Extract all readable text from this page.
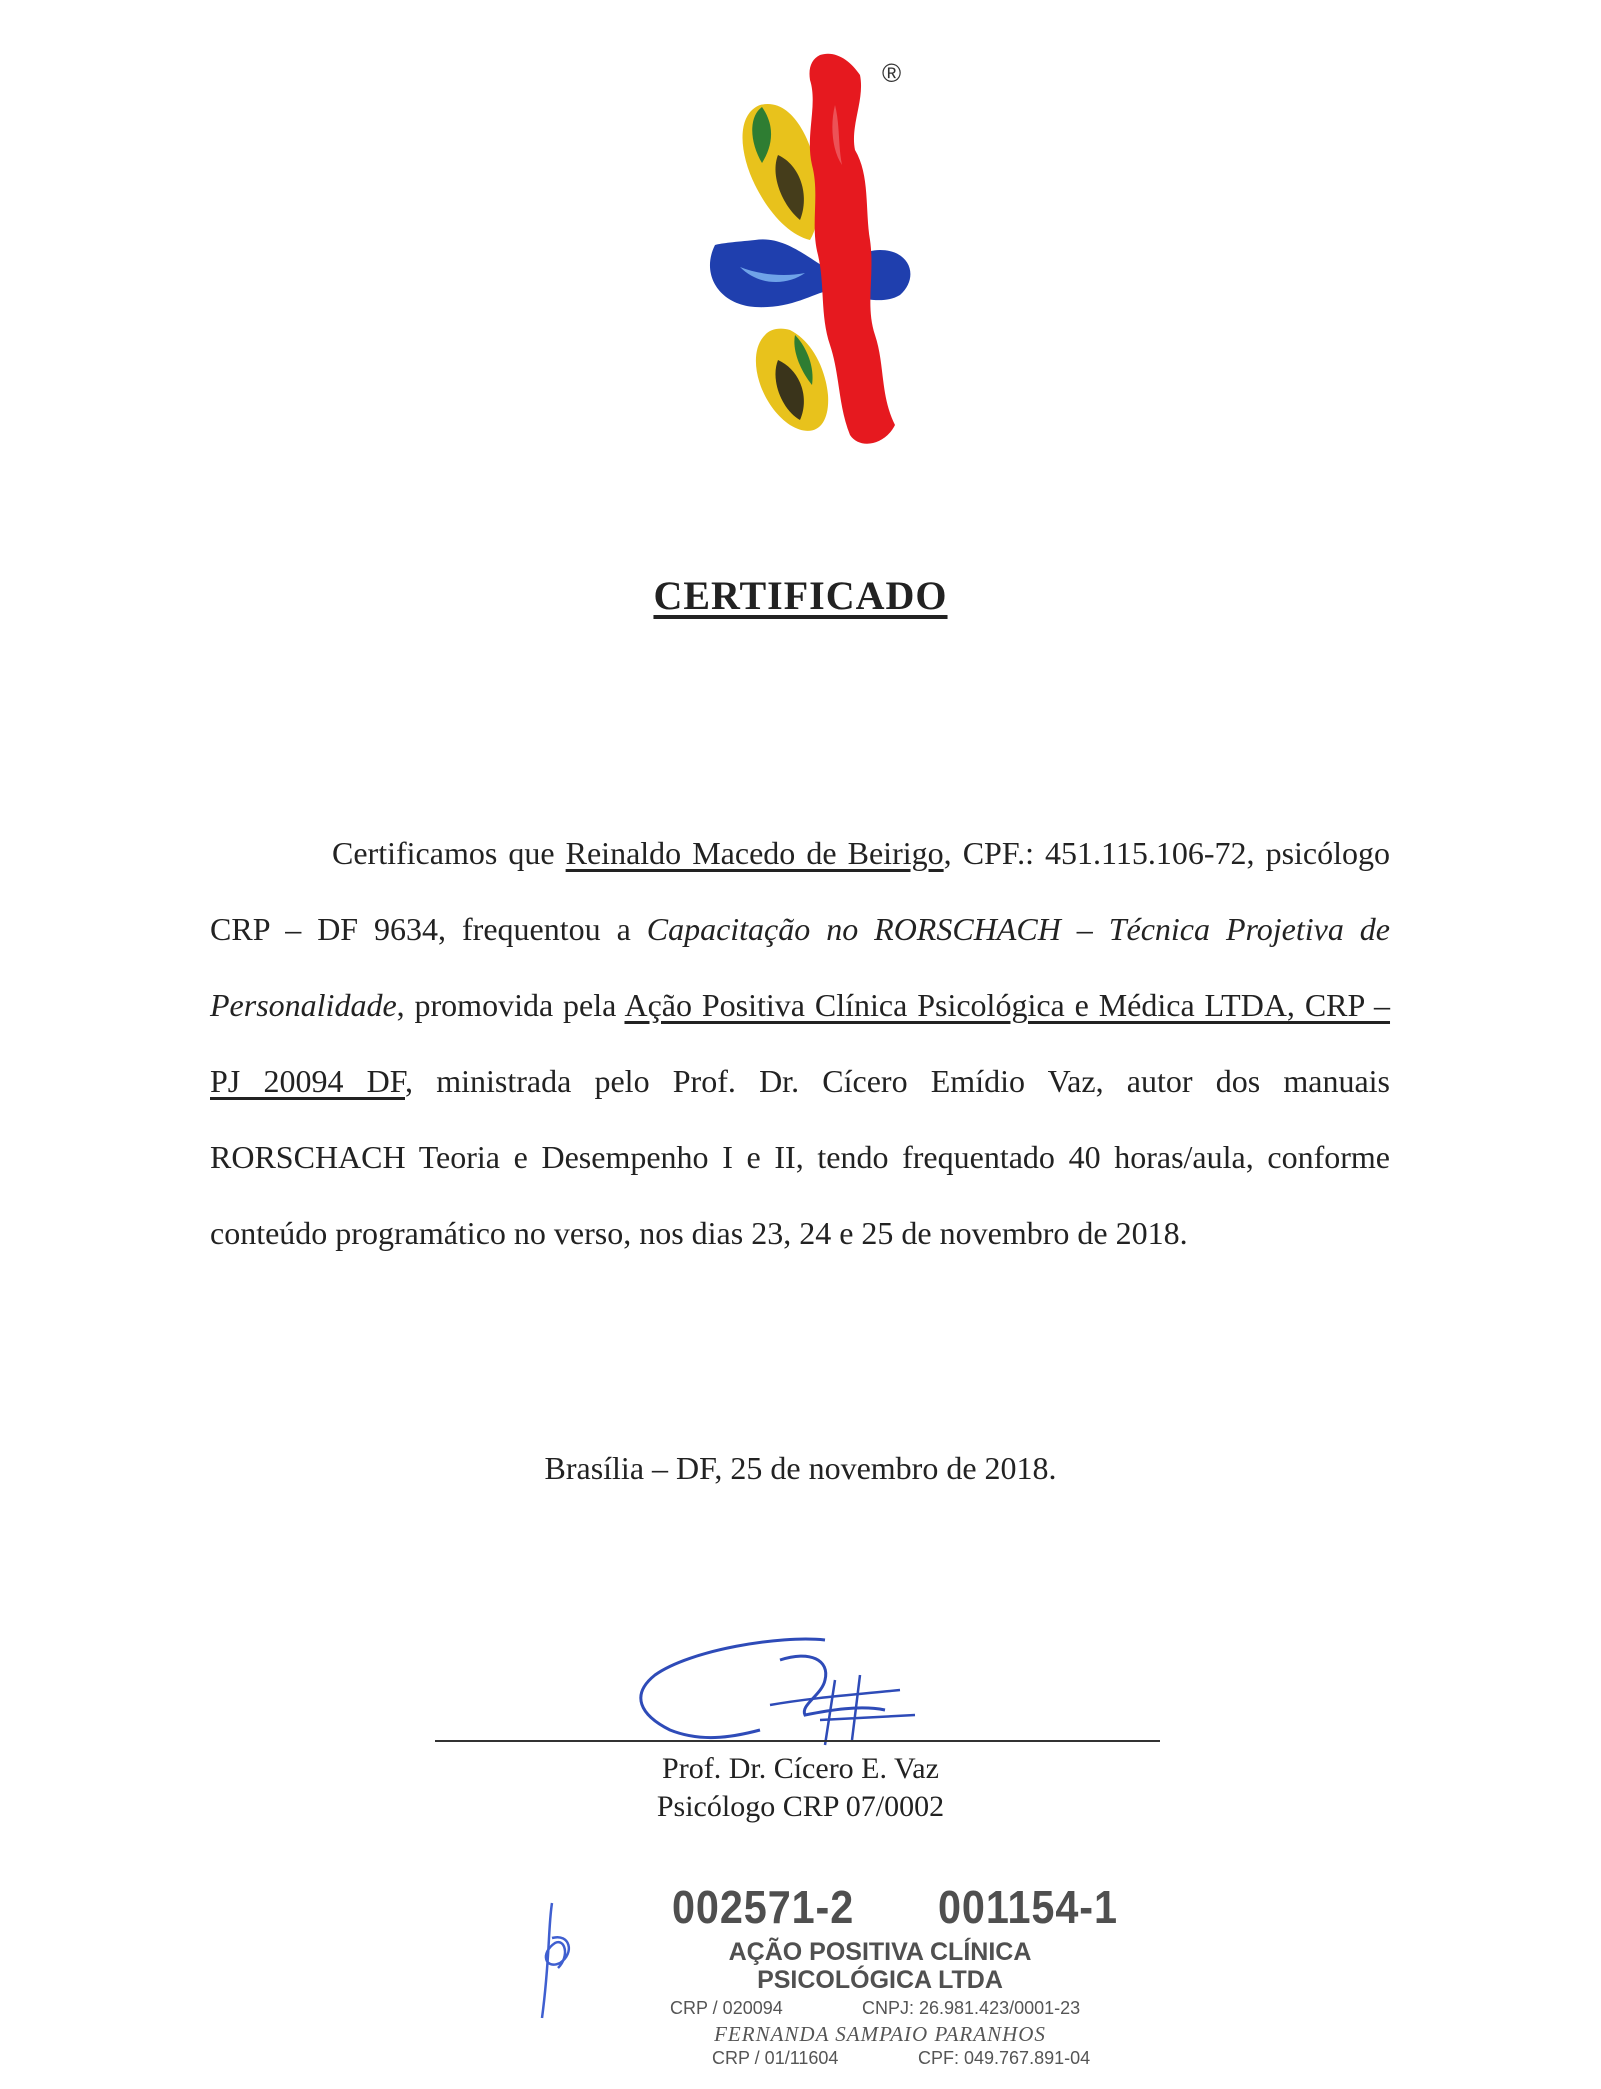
®
CERTIFICADO
Certificamos que Reinaldo Macedo de Beirigo, CPF.: 451.115.106-72, psicólogo CRP – DF 9634, frequentou a Capacitação no RORSCHACH – Técnica Projetiva de Personalidade, promovida pela Ação Positiva Clínica Psicológica e Médica LTDA, CRP – PJ 20094 DF, ministrada pelo Prof. Dr. Cícero Emídio Vaz, autor dos manuais RORSCHACH Teoria e Desempenho I e II, tendo frequentado 40 horas/aula, conforme conteúdo programático no verso, nos dias 23, 24 e 25 de novembro de 2018.
Brasília – DF, 25 de novembro de 2018.
Prof. Dr. Cícero E. Vaz
Psicólogo CRP 07/0002
002571-2 001154-1
AÇÃO POSITIVA CLÍNICA
PSICOLÓGICA LTDA
CRP / 020094	CNPJ: 26.981.423/0001-23
FERNANDA SAMPAIO PARANHOS
CRP / 01/11604	CPF: 049.767.891-04
